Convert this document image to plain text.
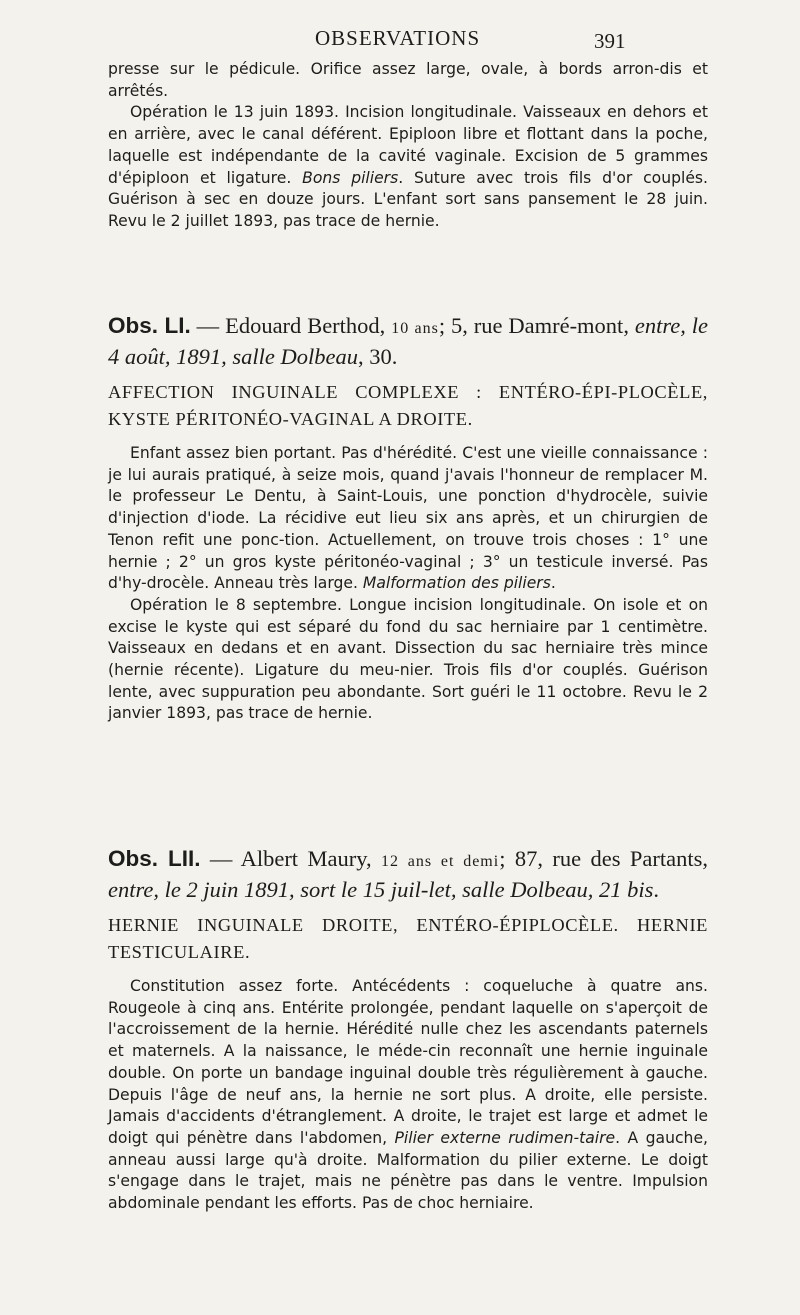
OBSERVATIONS	391

presse sur le pédicule. Orifice assez large, ovale, à bords arron-dis et arrêtés.

Opération le 13 juin 1893. Incision longitudinale. Vaisseaux en dehors et en arrière, avec le canal déférent. Epiploon libre et flottant dans la poche, laquelle est indépendante de la cavité vaginale. Excision de 5 grammes d'épiploon et ligature. Bons piliers. Suture avec trois fils d'or couplés. Guérison à sec en douze jours. L'enfant sort sans pansement le 28 juin. Revu le 2 juillet 1893, pas trace de hernie.

Obs. LI. — Edouard Berthod, 10 ans; 5, rue Damré-mont, entre, le 4 août, 1891, salle Dolbeau, 30.

AFFECTION INGUINALE COMPLEXE : ENTÉRO-ÉPI-PLOCÈLE, KYSTE PÉRITONÉO-VAGINAL A DROITE.

Enfant assez bien portant. Pas d'hérédité. C'est une vieille connaissance : je lui aurais pratiqué, à seize mois, quand j'avais l'honneur de remplacer M. le professeur Le Dentu, à Saint-Louis, une ponction d'hydrocèle, suivie d'injection d'iode. La récidive eut lieu six ans après, et un chirurgien de Tenon refit une ponc-tion. Actuellement, on trouve trois choses : 1° une hernie ; 2° un gros kyste péritonéo-vaginal ; 3° un testicule inversé. Pas d'hy-drocèle. Anneau très large. Malformation des piliers.

Opération le 8 septembre. Longue incision longitudinale. On isole et on excise le kyste qui est séparé du fond du sac herniaire par 1 centimètre. Vaisseaux en dedans et en avant. Dissection du sac herniaire très mince (hernie récente). Ligature du meu-nier. Trois fils d'or couplés. Guérison lente, avec suppuration peu abondante. Sort guéri le 11 octobre. Revu le 2 janvier 1893, pas trace de hernie.

Obs. LII. — Albert Maury, 12 ans et demi; 87, rue des Partants, entre, le 2 juin 1891, sort le 15 juil-let, salle Dolbeau, 21 bis.

HERNIE INGUINALE DROITE, ENTÉRO-ÉPIPLOCÈLE. HERNIE TESTICULAIRE.

Constitution assez forte. Antécédents : coqueluche à quatre ans. Rougeole à cinq ans. Entérite prolongée, pendant laquelle on s'aperçoit de l'accroissement de la hernie. Hérédité nulle chez les ascendants paternels et maternels. A la naissance, le méde-cin reconnaît une hernie inguinale double. On porte un bandage inguinal double très régulièrement à gauche. Depuis l'âge de neuf ans, la hernie ne sort plus. A droite, elle persiste. Jamais d'accidents d'étranglement. A droite, le trajet est large et admet le doigt qui pénètre dans l'abdomen, Pilier externe rudimen-taire. A gauche, anneau aussi large qu'à droite. Malformation du pilier externe. Le doigt s'engage dans le trajet, mais ne pénètre pas dans le ventre. Impulsion abdominale pendant les efforts. Pas de choc herniaire.
